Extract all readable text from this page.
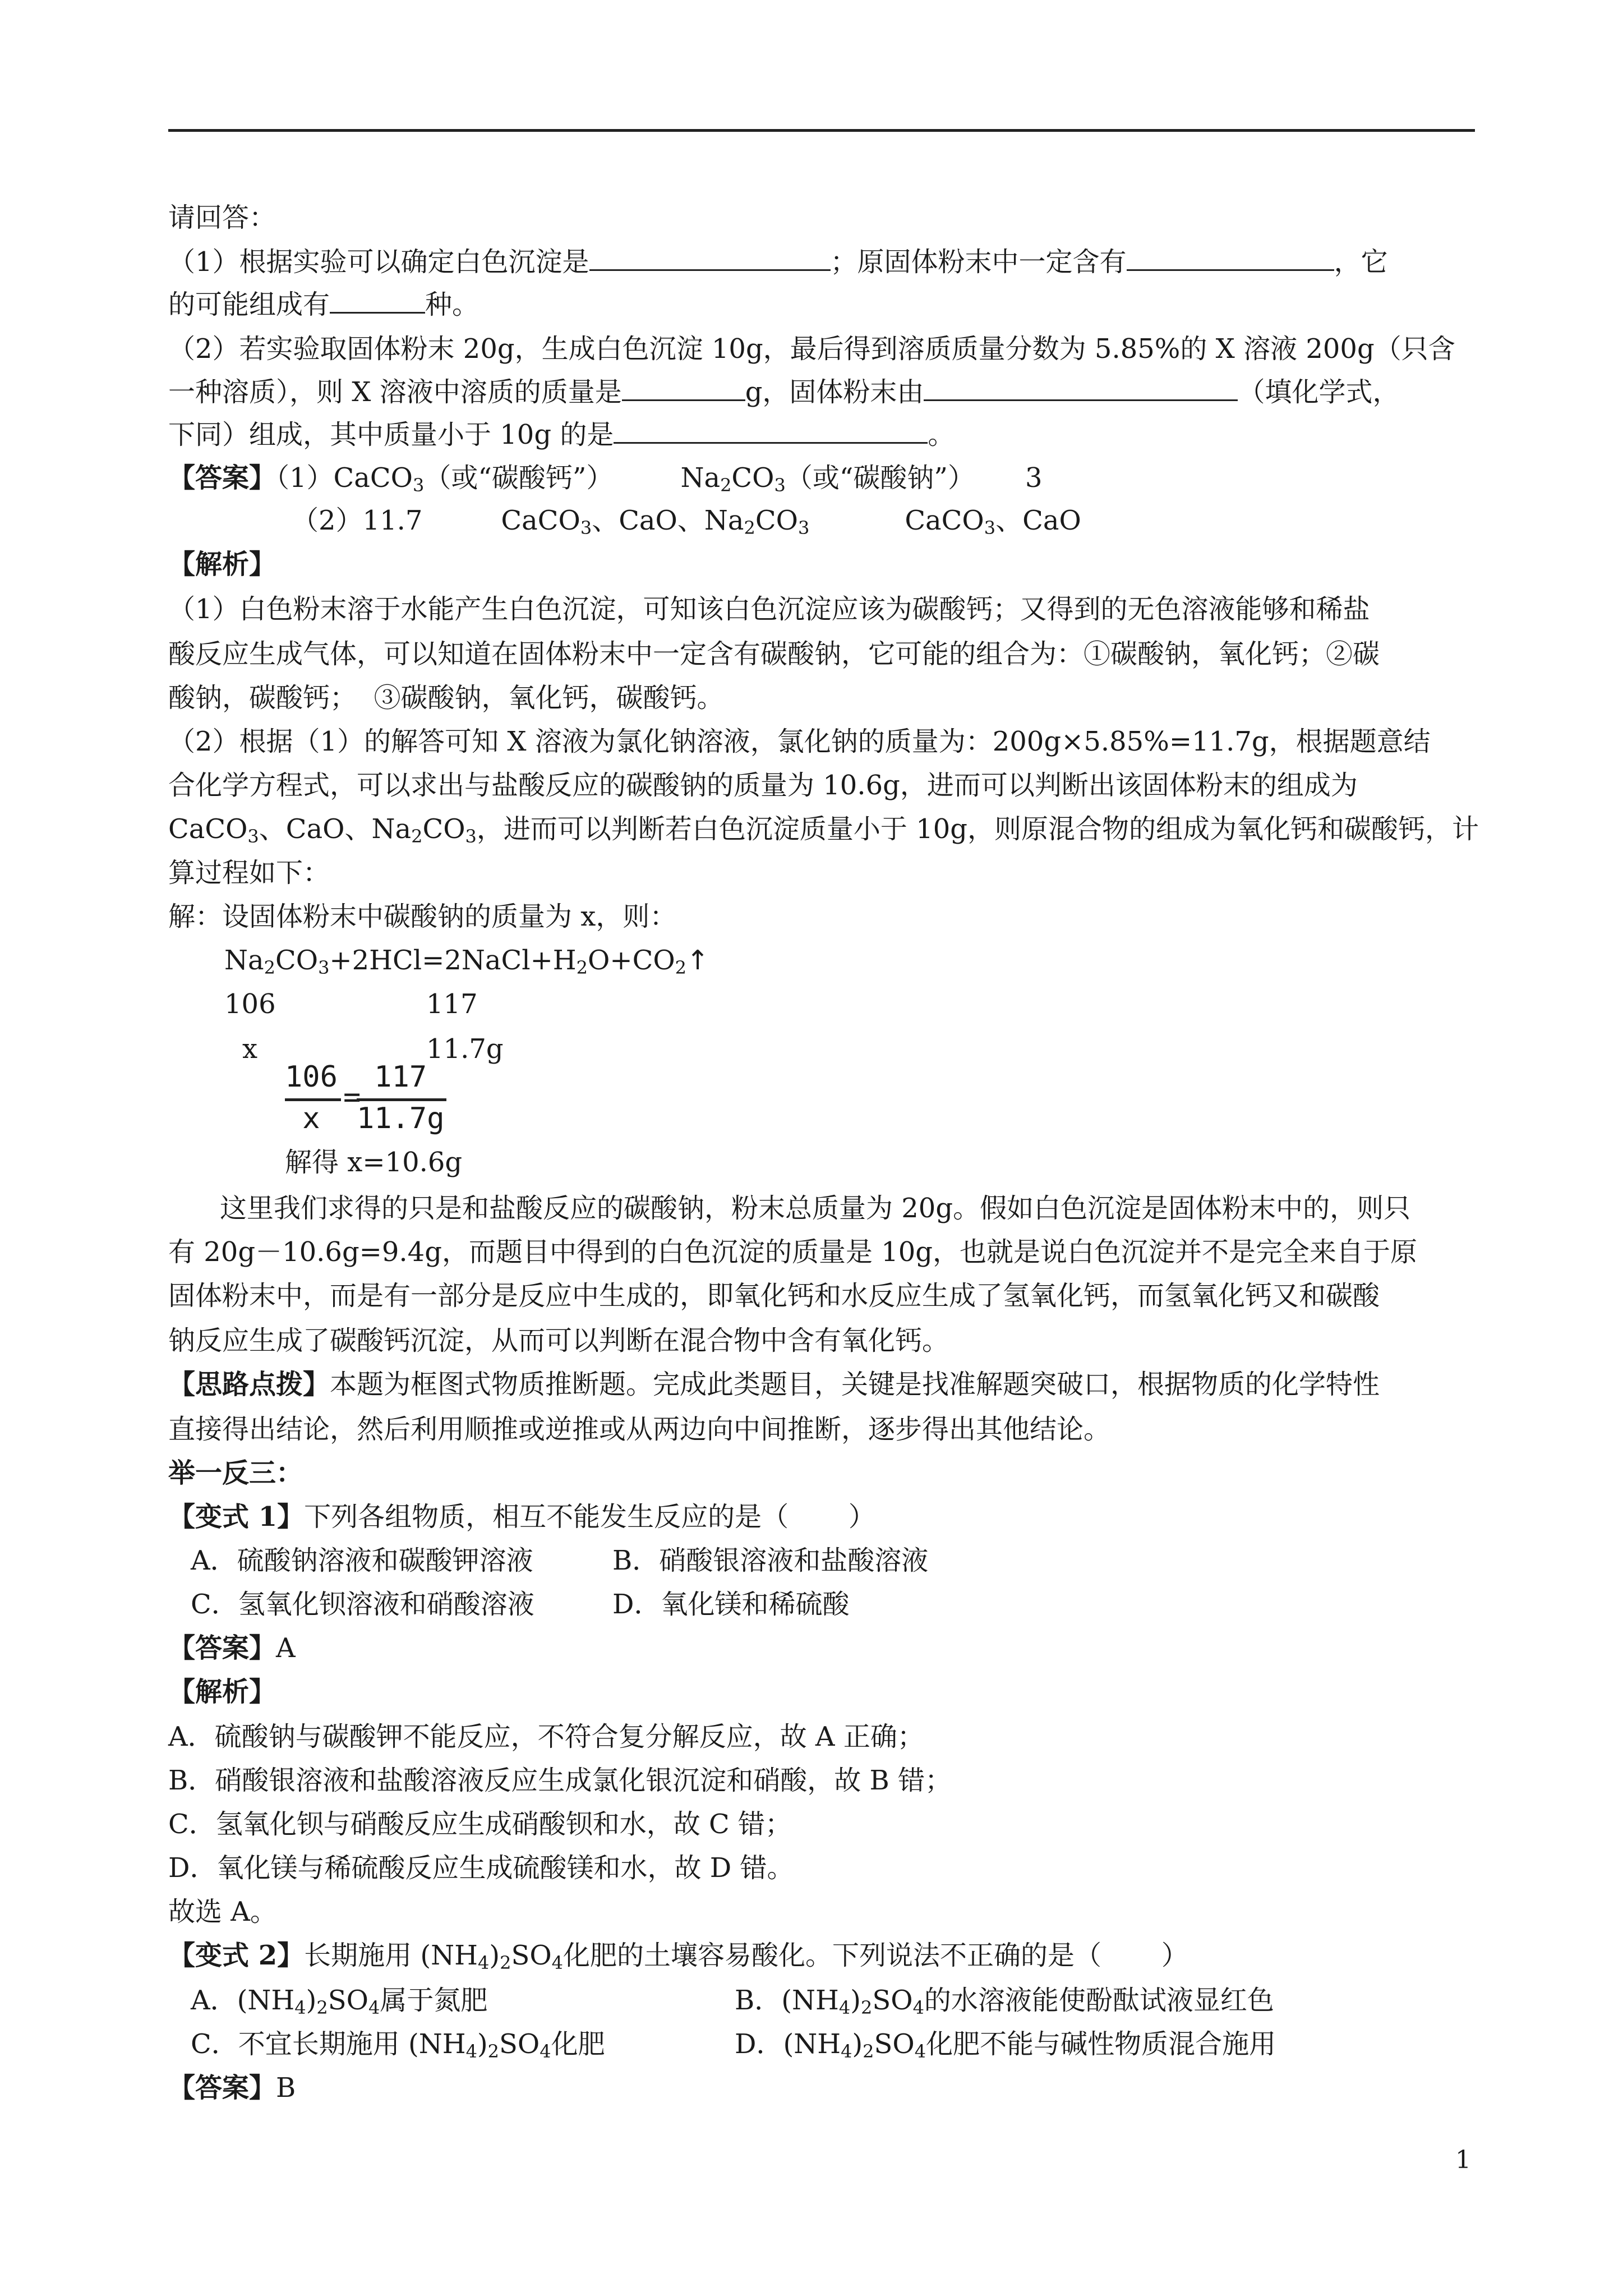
请回答：
（1）根据实验可以确定白色沉淀是	；原固体粉末中一定含有	，它
的可能组成有	种。
（2）若实验取固体粉末 20g，生成白色沉淀 10g，最后得到溶质质量分数为 5.85%的 X 溶液 200g（只含
一种溶质），则 X 溶液中溶质的质量是	g，固体粉末由	（填化学式，
下同）组成，其中质量小于 10g 的是	。
【答案】（1）CaCO$_3$（或“碳酸钙”）	$Na_2CO_3$（或“碳酸钠”） 3
（2）11.7	CaCO$_3$、CaO、$Na_2CO_3$	CaCO$_3$、CaO
【解析】
（1）白色粉末溶于水能产生白色沉淀，可知该白色沉淀应该为碳酸钙；又得到的无色溶液能够和稀盐
酸反应生成气体，可以知道在固体粉末中一定含有碳酸钠，它可能的组合为：①碳酸钠，氧化钙；②碳
酸钠，碳酸钙；  ③碳酸钠，氧化钙，碳酸钙。
（2）根据（1）的解答可知 X 溶液为氯化钠溶液，氯化钠的质量为：200g×5.85%=11.7g，根据题意结
合化学方程式，可以求出与盐酸反应的碳酸钠的质量为 10.6g，进而可以判断出该固体粉末的组成为
CaCO$_3$、CaO、$Na_2CO_3$，进而可以判断若白色沉淀质量小于 10g，则原混合物的组成为氧化钙和碳酸钙，计
算过程如下：
解：设固体粉末中碳酸钠的质量为 x，则：
$Na_2CO_3+2HCl=2NaCl+H_2O+CO_2↑$
106	117
x	11.7g
106
x
=
117
11.7g
解得 x=10.6g
这里我们求得的只是和盐酸反应的碳酸钠，粉末总质量为 20g。假如白色沉淀是固体粉末中的，则只
有 20g－10.6g=9.4g，而题目中得到的白色沉淀的质量是 10g，也就是说白色沉淀并不是完全来自于原
固体粉末中，而是有一部分是反应中生成的，即氧化钙和水反应生成了氢氧化钙，而氢氧化钙又和碳酸
钠反应生成了碳酸钙沉淀，从而可以判断在混合物中含有氧化钙。
【思路点拨】本题为框图式物质推断题。完成此类题目，关键是找准解题突破口，根据物质的化学特性
直接得出结论，然后利用顺推或逆推或从两边向中间推断，逐步得出其他结论。
举一反三：
【变式 1】下列各组物质，相互不能发生反应的是（       ）
A．硫酸钠溶液和碳酸钾溶液	B．硝酸银溶液和盐酸溶液
C．氢氧化钡溶液和硝酸溶液	D．氧化镁和稀硫酸
【答案】A
【解析】
A．硫酸钠与碳酸钾不能反应，不符合复分解反应，故 A 正确；
B．硝酸银溶液和盐酸溶液反应生成氯化银沉淀和硝酸，故 B 错；
C．氢氧化钡与硝酸反应生成硝酸钡和水，故 C 错；
D．氧化镁与稀硫酸反应生成硫酸镁和水，故 D 错。
故选 A。
【变式 2】长期施用 $(NH_4)_2SO_4$化肥的土壤容易酸化。下列说法不正确的是（       ）
A．$(NH_4)_2SO_4$属于氮肥	B．$(NH_4)_2SO_4$的水溶液能使酚酞试液显红色
C．不宜长期施用 $(NH_4)_2SO_4$化肥	D．$(NH_4)_2SO_4$化肥不能与碱性物质混合施用
【答案】B
1
